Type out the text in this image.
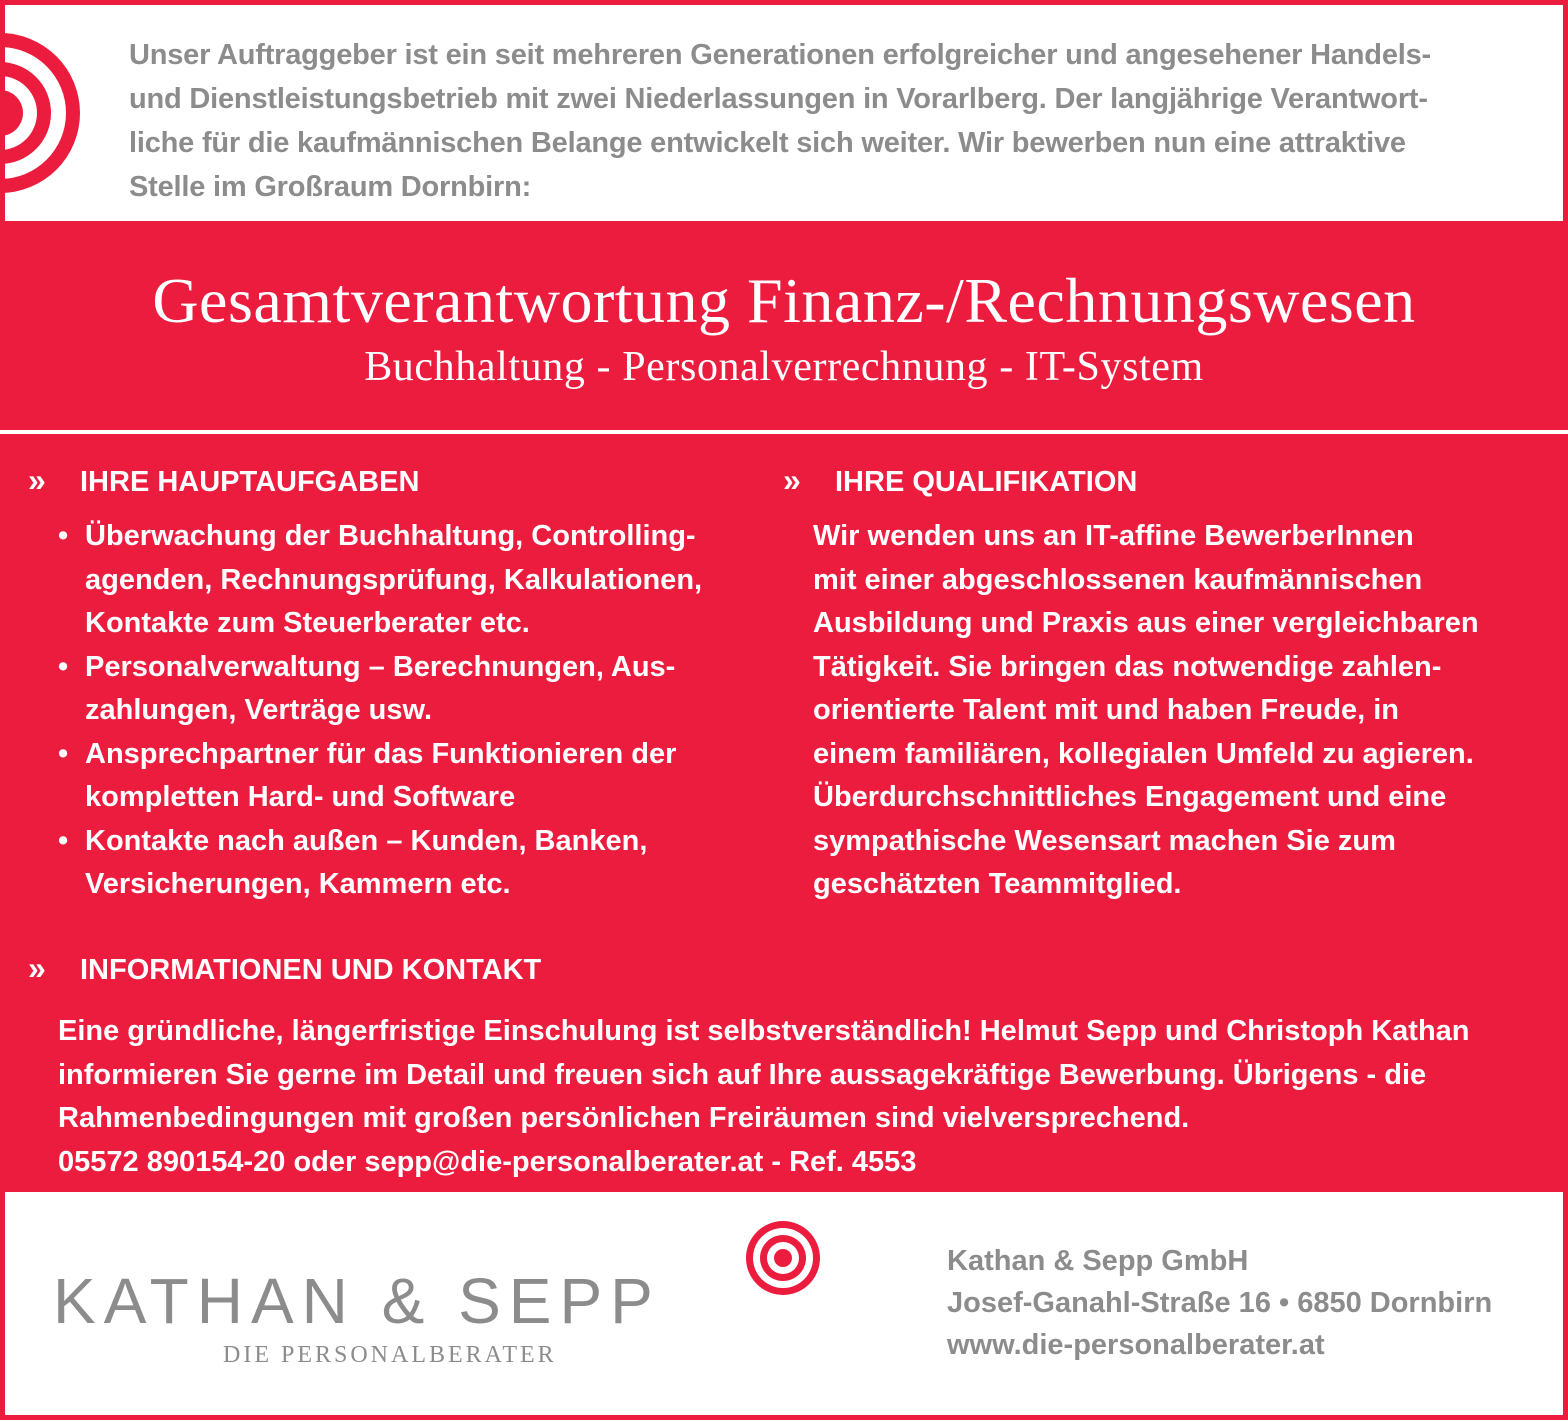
Unser Auftraggeber ist ein seit mehreren Generationen erfolgreicher und angesehener Handels-
und Dienstleistungsbetrieb mit zwei Niederlassungen in Vorarlberg. Der langjährige Verantwort-
liche für die kaufmännischen Belange entwickelt sich weiter. Wir bewerben nun eine attraktive
Stelle im Großraum Dornbirn:
Gesamtverantwortung Finanz-/Rechnungswesen
Buchhaltung - Personalverrechnung - IT-System
» IHRE HAUPTAUFGABEN
• Überwachung der Buchhaltung, Controlling-
agenden, Rechnungsprüfung, Kalkulationen,
Kontakte zum Steuerberater etc.
• Personalverwaltung – Berechnungen, Aus-
zahlungen, Verträge usw.
• Ansprechpartner für das Funktionieren der
kompletten Hard- und Software
• Kontakte nach außen – Kunden, Banken,
Versicherungen, Kammern etc.
» IHRE QUALIFIKATION
Wir wenden uns an IT-affine BewerberInnen
mit einer abgeschlossenen kaufmännischen
Ausbildung und Praxis aus einer vergleichbaren
Tätigkeit. Sie bringen das notwendige zahlen-
orientierte Talent mit und haben Freude, in
einem familiären, kollegialen Umfeld zu agieren.
Überdurchschnittliches Engagement und eine
sympathische Wesensart machen Sie zum
geschätzten Teammitglied.
» INFORMATIONEN UND KONTAKT
Eine gründliche, längerfristige Einschulung ist selbstverständlich! Helmut Sepp und Christoph Kathan
informieren Sie gerne im Detail und freuen sich auf Ihre aussagekräftige Bewerbung. Übrigens - die
Rahmenbedingungen mit großen persönlichen Freiräumen sind vielversprechend.
05572 890154-20 oder sepp@die-personalberater.at - Ref. 4553
KATHAN & SEPP
DIE PERSONALBERATER
Kathan & Sepp GmbH
Josef-Ganahl-Straße 16 • 6850 Dornbirn
www.die-personalberater.at
